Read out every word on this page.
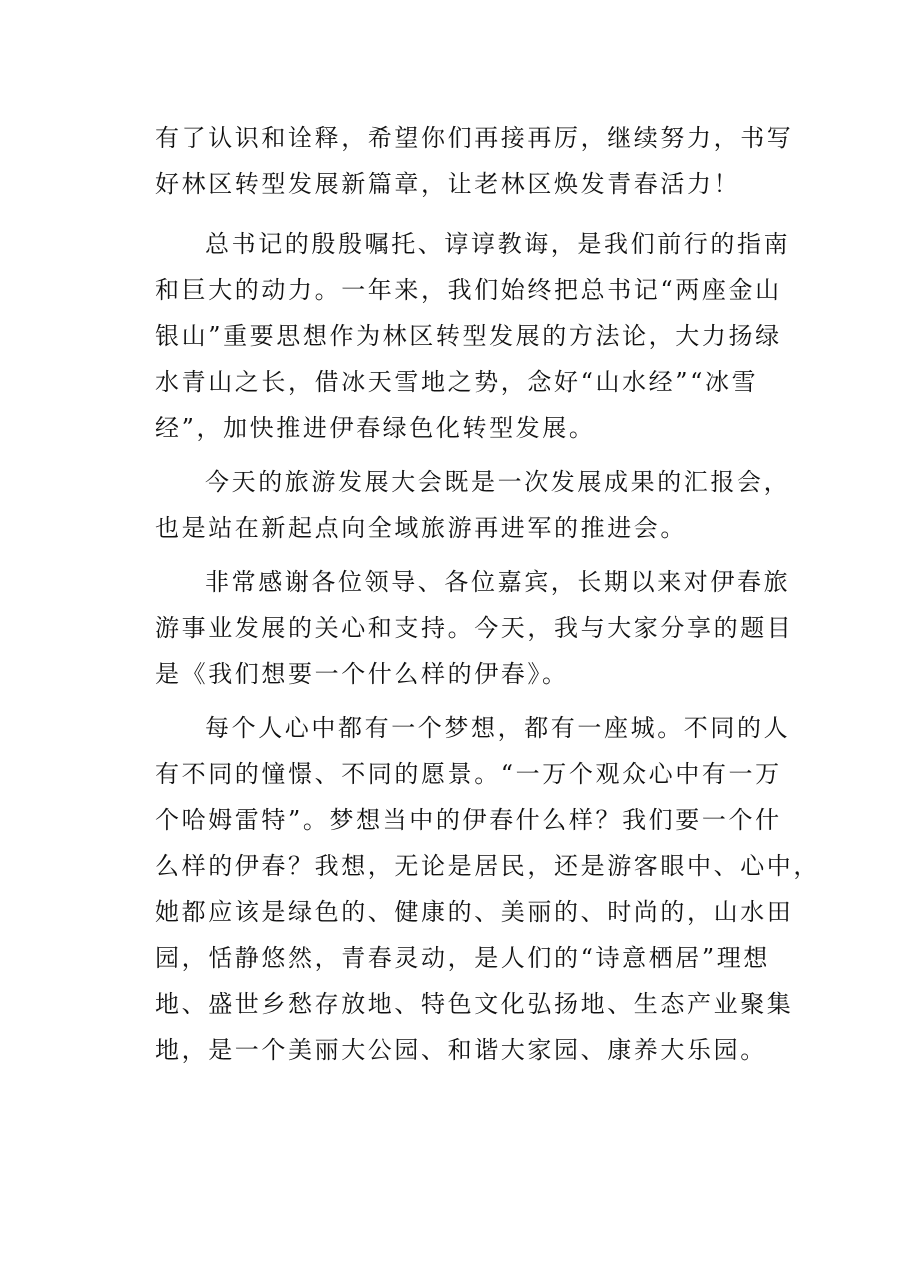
有了认识和诠释，希望你们再接再厉，继续努力，书写
好林区转型发展新篇章，让老林区焕发青春活力！
总书记的殷殷嘱托、谆谆教诲，是我们前行的指南
和巨大的动力。一年来，我们始终把总书记“两座金山
银山”重要思想作为林区转型发展的方法论，大力扬绿
水青山之长，借冰天雪地之势，念好“山水经”“冰雪
经”，加快推进伊春绿色化转型发展。
今天的旅游发展大会既是一次发展成果的汇报会，
也是站在新起点向全域旅游再进军的推进会。
非常感谢各位领导、各位嘉宾，长期以来对伊春旅
游事业发展的关心和支持。今天，我与大家分享的题目
是《我们想要一个什么样的伊春》。
每个人心中都有一个梦想，都有一座城。不同的人
有不同的憧憬、不同的愿景。“一万个观众心中有一万
个哈姆雷特”。梦想当中的伊春什么样？我们要一个什
么样的伊春？我想，无论是居民，还是游客眼中、心中，
她都应该是绿色的、健康的、美丽的、时尚的，山水田
园，恬静悠然，青春灵动，是人们的“诗意栖居”理想
地、盛世乡愁存放地、特色文化弘扬地、生态产业聚集
地，是一个美丽大公园、和谐大家园、康养大乐园。
